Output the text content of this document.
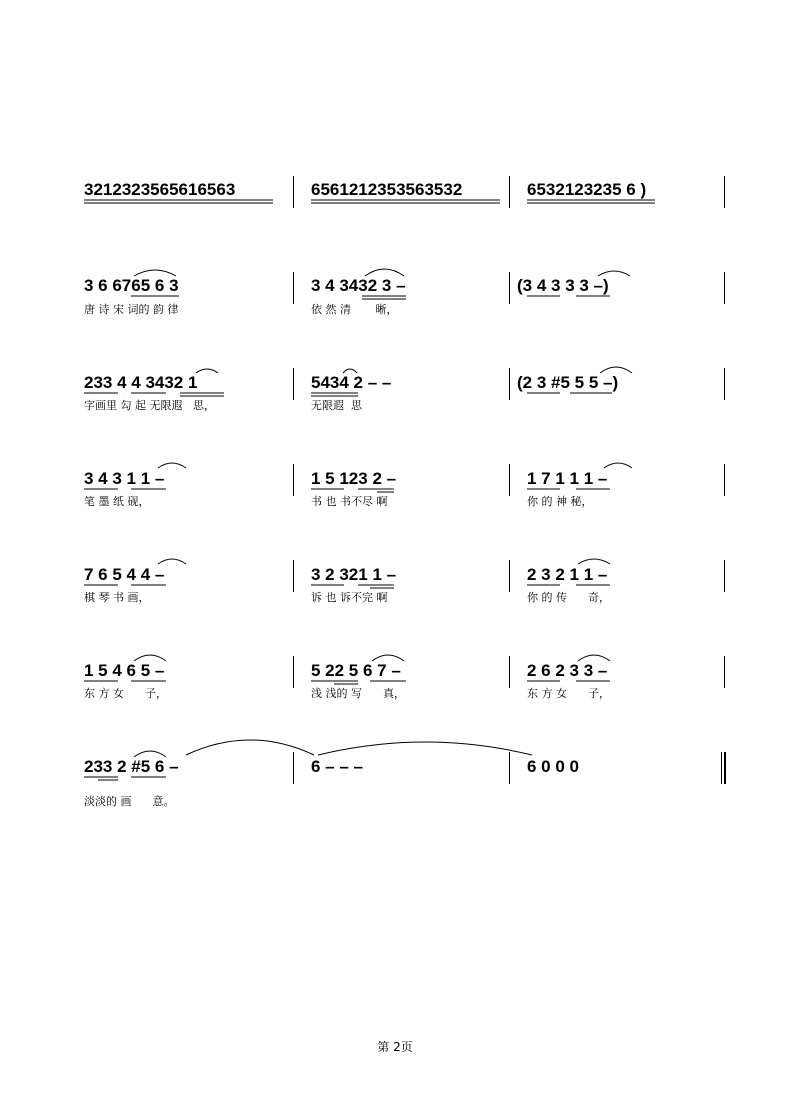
3212323565616563	6561212353563532	6532123235 6 )
3 6 6765 6 3	3 4 3432 3 –	(3 4 3 3 3 –)
唐 诗 宋 词的 韵 律	依 然 清       晰，
233 4 4 3432 1	5434 2 – –	(2 3 #5 5 5 –)
字画里 勾 起 无限遐   思，	无限遐  思
3 4 3 1 1 –	1 5 123 2 –	1 7 1 1 1 –
笔 墨 纸 砚，	书 也 书不尽 啊	你 的 神 秘，
7 6 5 4 4 –	3 2 321 1 –	2 3 2 1 1 –
棋 琴 书 画，	诉 也 诉不完 啊	你 的 传      奇，
1 5 4 6 5 –	5 22 5 6 7 –	2 6 2 3 3 –
东 方 女      子，	浅 浅的 写      真，	东 方 女      子，
233 2 #5 6 –	6 – – –	6 0 0 0
淡淡的 画      意。
第 2页
